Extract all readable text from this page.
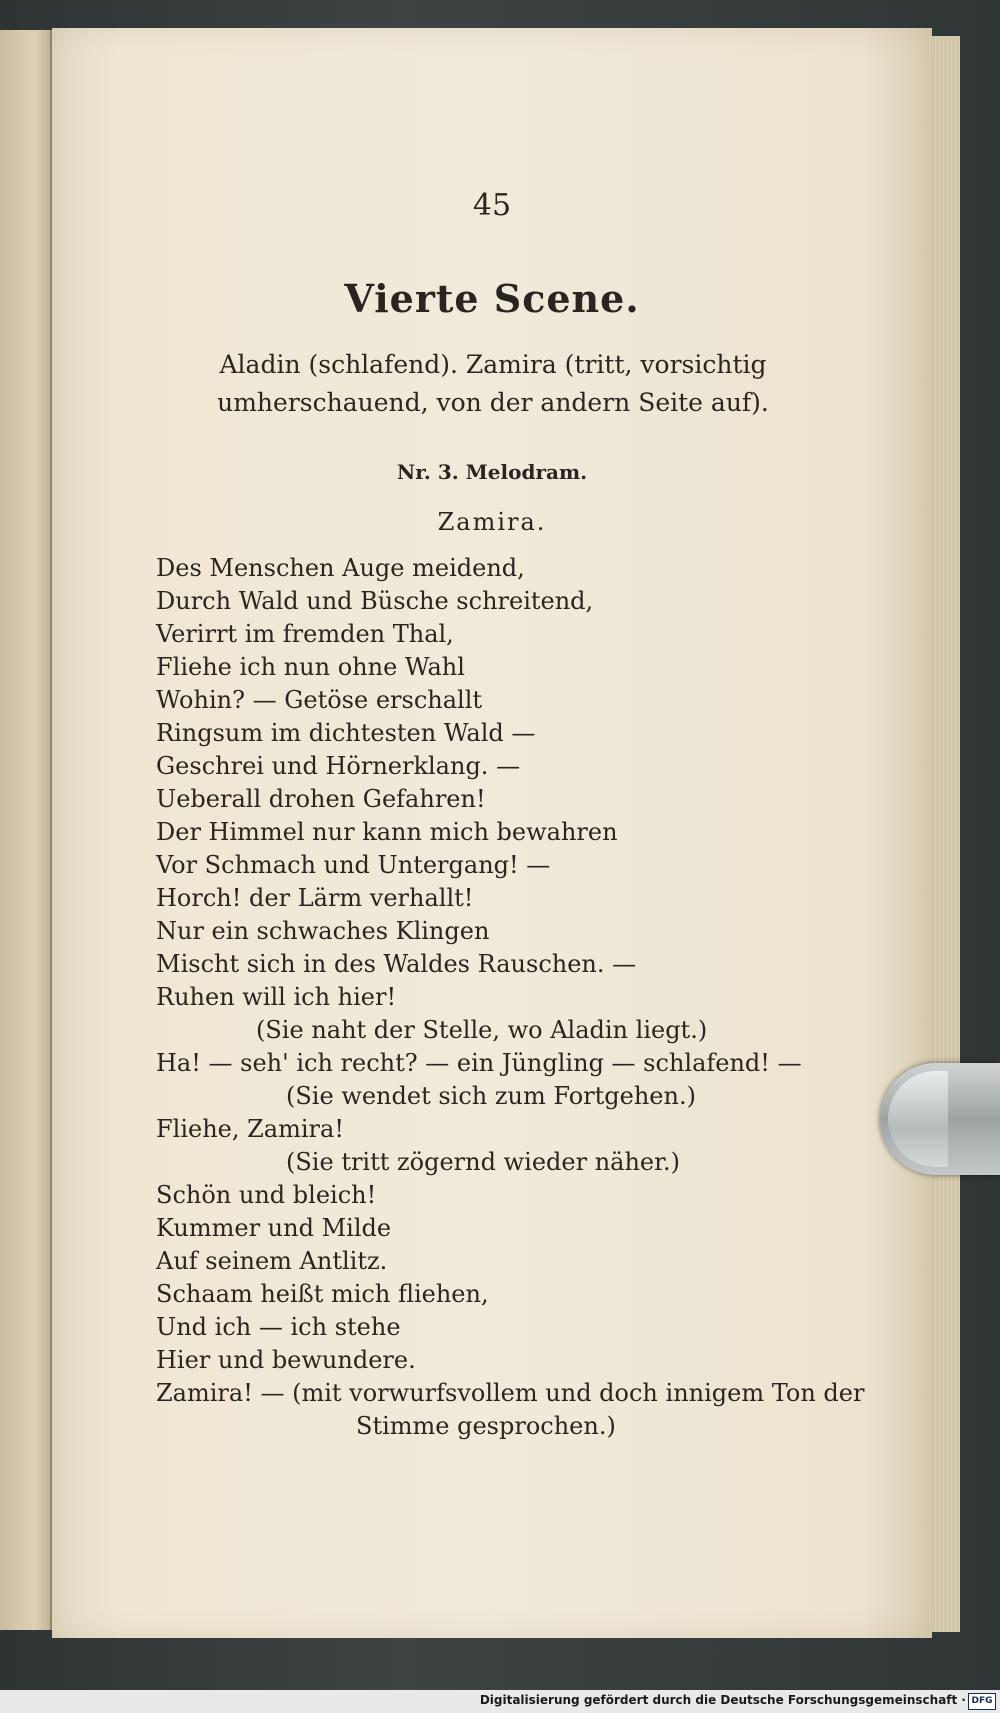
45
Vierte Scene.
Aladin (schlafend). Zamira (tritt, vorsichtig umherschauend, von der andern Seite auf).
Nr. 3. Melodram.
Zamira.
Des Menschen Auge meidend,
Durch Wald und Büsche schreitend,
Verirrt im fremden Thal,
Fliehe ich nun ohne Wahl
Wohin? — Getöse erschallt
Ringsum im dichtesten Wald —
Geschrei und Hörnerklang. —
Ueberall drohen Gefahren!
Der Himmel nur kann mich bewahren
Vor Schmach und Untergang! —
Horch! der Lärm verhallt!
Nur ein schwaches Klingen
Mischt sich in des Waldes Rauschen. —
Ruhen will ich hier!
(Sie naht der Stelle, wo Aladin liegt.)
Ha! — seh' ich recht? — ein Jüngling — schlafend! —
(Sie wendet sich zum Fortgehen.)
Fliehe, Zamira!
(Sie tritt zögernd wieder näher.)
Schön und bleich!
Kummer und Milde
Auf seinem Antlitz.
Schaam heißt mich fliehen,
Und ich — ich stehe
Hier und bewundere.
Zamira! — (mit vorwurfsvollem und doch innigem Ton der
Stimme gesprochen.)
Digitalisierung gefördert durch die Deutsche Forschungsgemeinschaft · DFG
